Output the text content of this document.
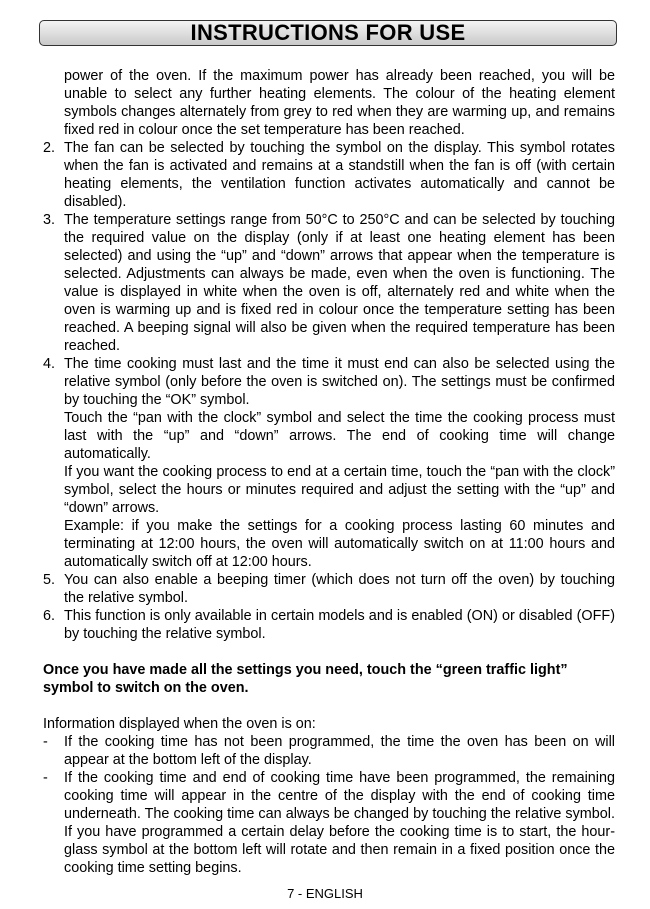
INSTRUCTIONS FOR USE

power of the oven. If the maximum power has already been reached, you will be unable to select any further heating elements. The colour of the heating element symbols changes alternately from grey to red when they are warming up, and remains fixed red in colour once the set temperature has been reached.

2. The fan can be selected by touching the symbol on the display. This symbol rotates when the fan is activated and remains at a standstill when the fan is off (with certain heating elements, the ventilation function activates automatically and cannot be disabled).

3. The temperature settings range from 50°C to 250°C and can be selected by touching the required value on the display (only if at least one heating element has been selected) and using the “up” and “down” arrows that appear when the temperature is selected. Adjustments can always be made, even when the oven is functioning. The value is displayed in white when the oven is off, alternately red and white when the oven is warming up and is fixed red in colour once the temperature setting has been reached. A beeping signal will also be given when the required temperature has been reached.

4. The time cooking must last and the time it must end can also be selected using the relative symbol (only before the oven is switched on). The settings must be confirmed by touching the “OK” symbol.

Touch the “pan with the clock” symbol and select the time the cooking process must last with the “up” and “down” arrows. The end of cooking time will change automatically.

If you want the cooking process to end at a certain time, touch the “pan with the clock” symbol, select the hours or minutes required and adjust the setting with the “up” and “down” arrows.

Example: if you make the settings for a cooking process lasting 60 minutes and terminating at 12:00 hours, the oven will automatically switch on at 11:00 hours and automatically switch off at 12:00 hours.

5. You can also enable a beeping timer (which does not turn off the oven) by touching the relative symbol.

6. This function is only available in certain models and is enabled (ON) or disabled (OFF) by touching the relative symbol.

Once you have made all the settings you need, touch the “green traffic light” symbol to switch on the oven.

Information displayed when the oven is on:

-	If the cooking time has not been programmed, the time the oven has been on will appear at the bottom left of the display.

-	If the cooking time and end of cooking time have been programmed, the remaining cooking time will appear in the centre of the display with the end of cooking time underneath. The cooking time can always be changed by touching the relative symbol. If you have programmed a certain delay before the cooking time is to start, the hour-glass symbol at the bottom left will rotate and then remain in a fixed position once the cooking time setting begins.

7 - ENGLISH
